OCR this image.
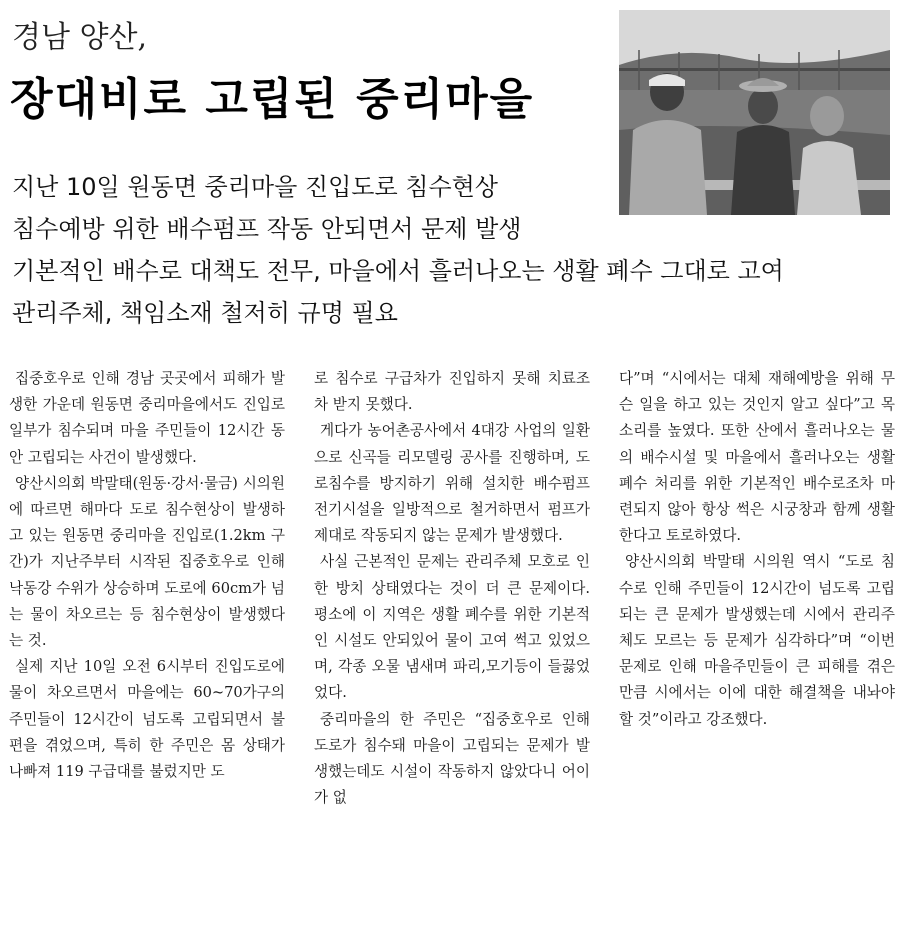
경남 양산,
장대비로 고립된 중리마을
지난 10일 원동면 중리마을 진입도로 침수현상
침수예방 위한 배수펌프 작동 안되면서 문제 발생
기본적인 배수로 대책도 전무, 마을에서 흘러나오는 생활 폐수 그대로 고여
관리주체, 책임소재 철저히 규명 필요

집중호우로 인해 경남 곳곳에서 피해가 발생한 가운데 원동면 중리마을에서도 진입로 일부가 침수되며 마을 주민들이 12시간 동안 고립되는 사건이 발생했다.

양산시의회 박말태(원동·강서·물금) 시의원에 따르면 해마다 도로 침수현상이 발생하고 있는 원동면 중리마을 진입로(1.2km 구간)가 지난주부터 시작된 집중호우로 인해 낙동강 수위가 상승하며 도로에 60cm가 넘는 물이 차오르는 등 침수현상이 발생했다는 것.

실제 지난 10일 오전 6시부터 진입도로에 물이 차오르면서 마을에는 60~70가구의 주민들이 12시간이 넘도록 고립되면서 불편을 겪었으며, 특히 한 주민은 몸 상태가 나빠져 119 구급대를 불렀지만 도

로 침수로 구급차가 진입하지 못해 치료조차 받지 못했다.

게다가 농어촌공사에서 4대강 사업의 일환으로 신곡들 리모델링 공사를 진행하며, 도로침수를 방지하기 위해 설치한 배수펌프 전기시설을 일방적으로 철거하면서 펌프가 제대로 작동되지 않는 문제가 발생했다.

사실 근본적인 문제는 관리주체 모호로 인한 방치 상태였다는 것이 더 큰 문제이다. 평소에 이 지역은 생활 폐수를 위한 기본적인 시설도 안되있어 물이 고여 썩고 있었으며, 각종 오물 냄새며 파리,모기등이 들끓었었다.

중리마을의 한 주민은 “집중호우로 인해 도로가 침수돼 마을이 고립되는 문제가 발생했는데도 시설이 작동하지 않았다니 어이가 없

다”며 “시에서는 대체 재해예방을 위해 무슨 일을 하고 있는 것인지 알고 싶다”고 목소리를 높였다. 또한 산에서 흘러나오는 물의 배수시설 및 마을에서 흘러나오는 생활 폐수 처리를 위한 기본적인 배수로조차 마련되지 않아 항상 썩은 시궁창과 함께 생활한다고 토로하였다.

양산시의회 박말태 시의원 역시 “도로 침수로 인해 주민들이 12시간이 넘도록 고립되는 큰 문제가 발생했는데 시에서 관리주체도 모르는 등 문제가 심각하다”며 “이번 문제로 인해 마을주민들이 큰 피해를 겪은 만큼 시에서는 이에 대한 해결책을 내놔야 할 것”이라고 강조했다.
